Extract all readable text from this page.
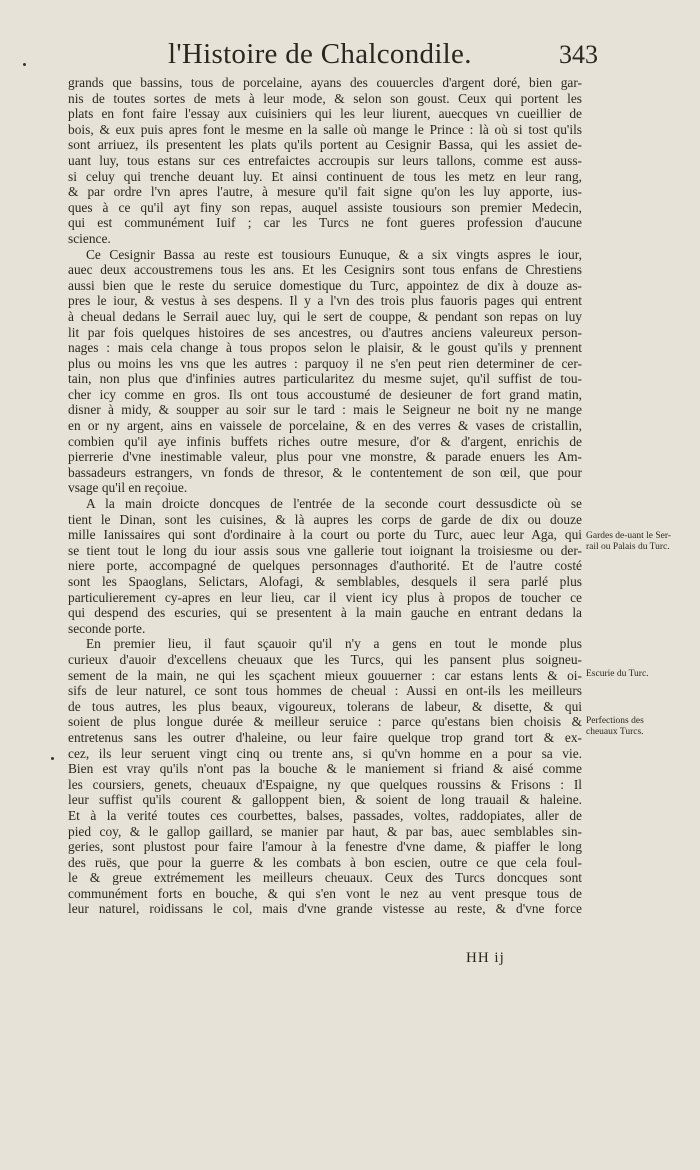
l'Histoire de Chalcondile.	343
grands que bassins, tous de porcelaine, ayans des couuercles d'argent doré, bien gar-
nis de toutes sortes de mets à leur mode, & selon son goust. Ceux qui portent les
plats en font faire l'essay aux cuisiniers qui les leur liurent, auecques vn cueillier de
bois, & eux puis apres font le mesme en la salle où mange le Prince : là où si tost qu'ils
sont arriuez, ils presentent les plats qu'ils portent au Cesignir Bassa, qui les assiet de-
uant luy, tous estans sur ces entrefaictes accroupis sur leurs tallons, comme est auss-
si celuy qui trenche deuant luy. Et ainsi continuent de tous les metz en leur rang,
& par ordre l'vn apres l'autre, à mesure qu'il fait signe qu'on les luy apporte, ius-
ques à ce qu'il ayt finy son repas, auquel assiste tousiours son premier Medecin,
qui est communément Iuif ; car les Turcs ne font gueres profession d'aucune
science.
Ce Cesignir Bassa au reste est tousiours Eunuque, & a six vingts aspres le iour,
auec deux accoustremens tous les ans. Et les Cesignirs sont tous enfans de Chrestiens
aussi bien que le reste du seruice domestique du Turc, appointez de dix à douze as-
pres le iour, & vestus à ses despens. Il y a l'vn des trois plus fauoris pages qui entrent
à cheual dedans le Serrail auec luy, qui le sert de couppe, & pendant son repas on luy
lit par fois quelques histoires de ses ancestres, ou d'autres anciens valeureux person-
nages : mais cela change à tous propos selon le plaisir, & le goust qu'ils y prennent
plus ou moins les vns que les autres : parquoy il ne s'en peut rien determiner de cer-
tain, non plus que d'infinies autres particularitez du mesme sujet, qu'il suffist de tou-
cher icy comme en gros. Ils ont tous accoustumé de desieuner de fort grand matin,
disner à midy, & soupper au soir sur le tard : mais le Seigneur ne boit ny ne mange
en or ny argent, ains en vaissele de porcelaine, & en des verres & vases de cristallin,
combien qu'il aye infinis buffets riches outre mesure, d'or & d'argent, enrichis de
pierrerie d'vne inestimable valeur, plus pour vne monstre, & parade enuers les Am-
bassadeurs estrangers, vn fonds de thresor, & le contentement de son œil, que pour
vsage qu'il en reçoiue.
A la main droicte doncques de l'entrée de la seconde court dessusdicte où se
tient le Dinan, sont les cuisines, & là aupres les corps de garde de dix ou douze
mille Ianissaires qui sont d'ordinaire à la court ou porte du Turc, auec leur Aga, qui
se tient tout le long du iour assis sous vne gallerie tout ioignant la troisiesme ou der-
niere porte, accompagné de quelques personnages d'authorité. Et de l'autre costé
sont les Spaoglans, Selictars, Alofagi, & semblables, desquels il sera parlé plus
particulierement cy-apres en leur lieu, car il vient icy plus à propos de toucher ce
qui despend des escuries, qui se presentent à la main gauche en entrant dedans la
seconde porte.
En premier lieu, il faut sçauoir qu'il n'y a gens en tout le monde plus
curieux d'auoir d'excellens cheuaux que les Turcs, qui les pansent plus soigneu-
sement de la main, ne qui les sçachent mieux gouuerner : car estans lents & oi-
sifs de leur naturel, ce sont tous hommes de cheual : Aussi en ont-ils les meilleurs
de tous autres, les plus beaux, vigoureux, tolerans de labeur, & disette, & qui
soient de plus longue durée & meilleur seruice : parce qu'estans bien choisis &
entretenus sans les outrer d'haleine, ou leur faire quelque trop grand tort & ex-
cez, ils leur seruent vingt cinq ou trente ans, si qu'vn homme en a pour sa vie.
Bien est vray qu'ils n'ont pas la bouche & le maniement si friand & aisé comme
les coursiers, genets, cheuaux d'Espaigne, ny que quelques roussins & Frisons : Il
leur suffist qu'ils courent & galloppent bien, & soient de long trauail & haleine.
Et à la verité toutes ces courbettes, balses, passades, voltes, raddopiates, aller de
pied coy, & le gallop gaillard, se manier par haut, & par bas, auec semblables sin-
geries, sont plustost pour faire l'amour à la fenestre d'vne dame, & piaffer le long
des ruës, que pour la guerre & les combats à bon escien, outre ce que cela foul-
le & greue extrémement les meilleurs cheuaux. Ceux des Turcs doncques sont
communément forts en bouche, & qui s'en vont le nez au vent presque tous de
leur naturel, roidissans le col, mais d'vne grande vistesse au reste, & d'vne force
Gardes de-uant le Ser-rail ou Palais du Turc.
Escurie du Turc.
Perfections des cheuaux Turcs.
HH ij
